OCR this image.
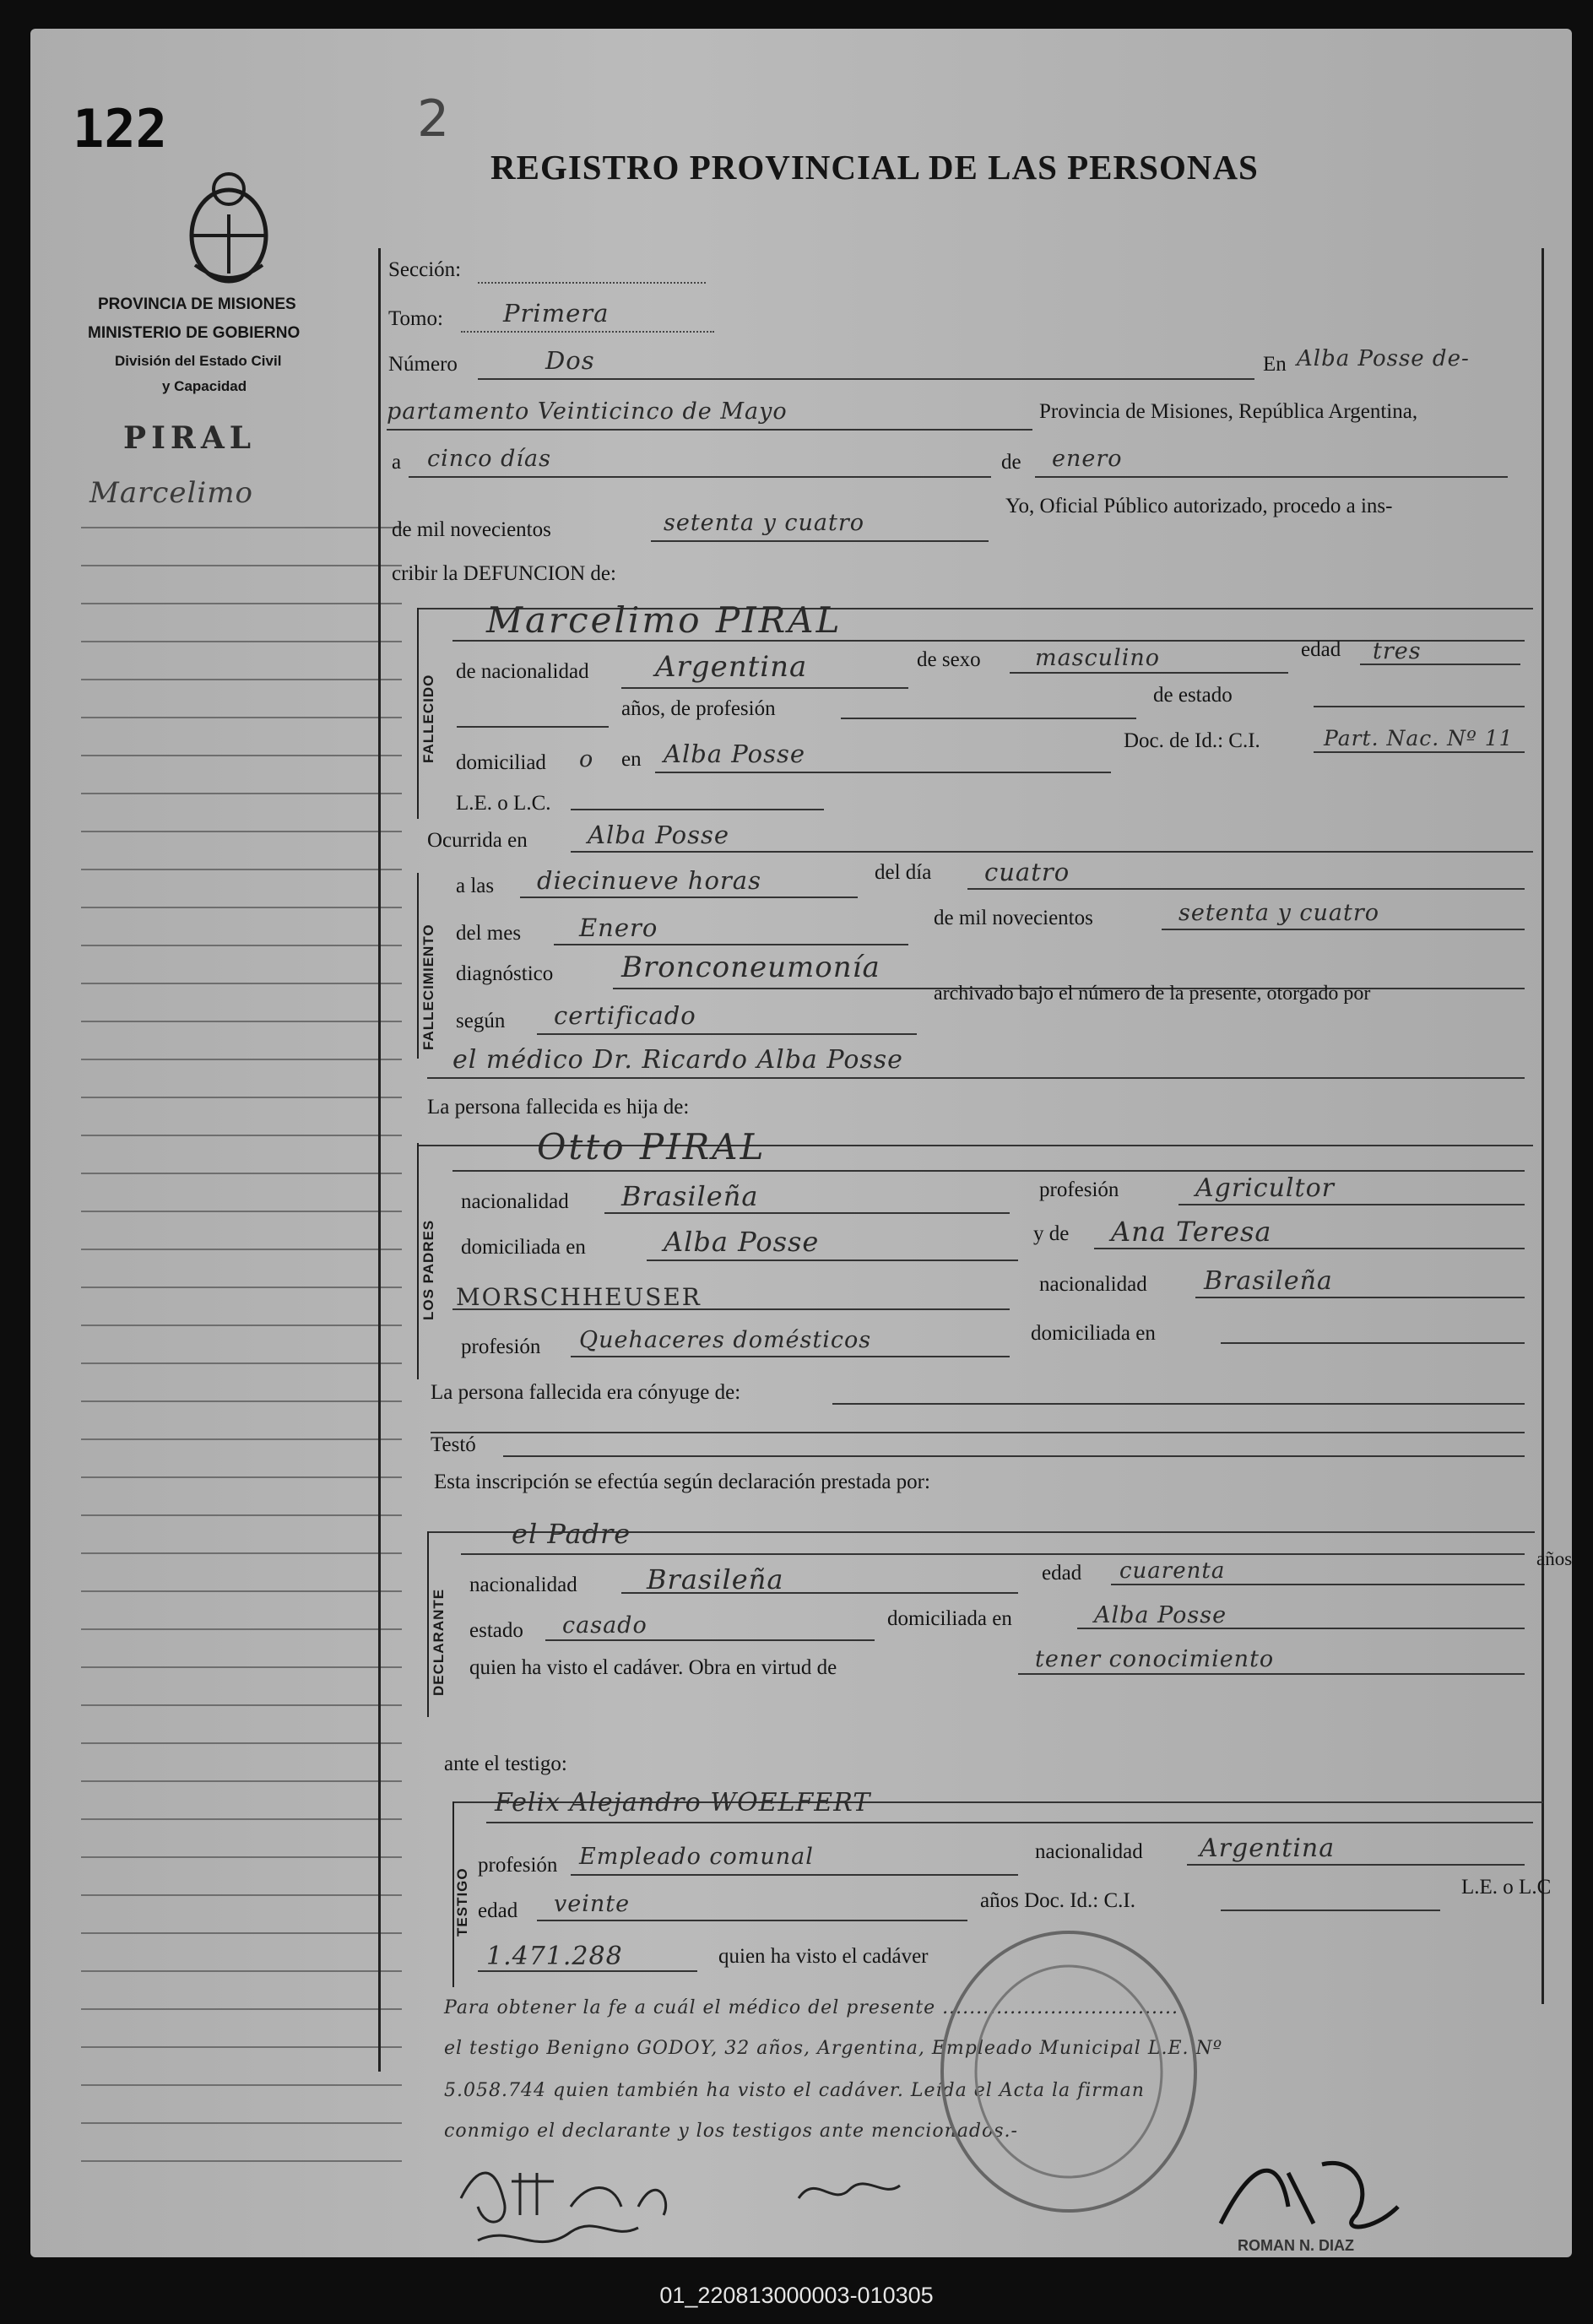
122	2
REGISTRO PROVINCIAL DE LAS PERSONAS
PROVINCIA DE MISIONES
MINISTERIO DE GOBIERNO
División del Estado Civil
y Capacidad
PIRAL
Marcelimo
Sección:
Tomo: Primera
Número	Dos	En Alba Posse de-
partamento Veinticinco de Mayo	Provincia de Misiones, República Argentina,
a cinco días	de enero
de mil novecientos	setenta y cuatro
Yo, Oficial Público autorizado, procedo a ins-
cribir la DEFUNCION de:
FALLECIDO
Marcelimo PIRAL
de nacionalidad Argentina	de sexo masculino	edad tres
años, de profesión
de estado
domiciliad o en Alba Posse	Doc. de Id.: C.I.	Part. Nac. Nº 11
L.E. o L.C.
Ocurrida en Alba Posse
FALLECIMIENTO
a las diecinueve horas	del día cuatro
del mes Enero	de mil novecientos	setenta y cuatro
diagnóstico Bronconeumonía
según certificado
archivado bajo el número de la presente, otorgado por
el médico Dr. Ricardo Alba Posse
La persona fallecida es hija de:
LOS PADRES
Otto PIRAL
nacionalidad Brasileña	profesión	Agricultor
domiciliada en	Alba Posse	y de Ana Teresa
MORSCHHEUSER	nacionalidad Brasileña
profesión Quehaceres domésticos	domiciliada en
La persona fallecida era cónyuge de:
Testó
Esta inscripción se efectúa según declaración prestada por:
DECLARANTE
el Padre
años
nacionalidad	Brasileña	edad cuarenta
estado casado	domiciliada en	Alba Posse
quien ha visto el cadáver. Obra en virtud de	tener conocimiento
ante el testigo:
TESTIGO
Felix Alejandro WOELFERT
profesión Empleado comunal	nacionalidad Argentina
edad veinte	años Doc. Id.: C.I.
L.E. o L.C
1.471.288	quien ha visto el cadáver
Para obtener la fe a cuál el médico del presente ...................................
el testigo Benigno GODOY, 32 años, Argentina, Empleado Municipal L.E. Nº
5.058.744 quien también ha visto el cadáver. Leída el Acta la firman
conmigo el declarante y los testigos ante mencionados.-
ROMAN N. DIAZ
01_220813000003-010305
